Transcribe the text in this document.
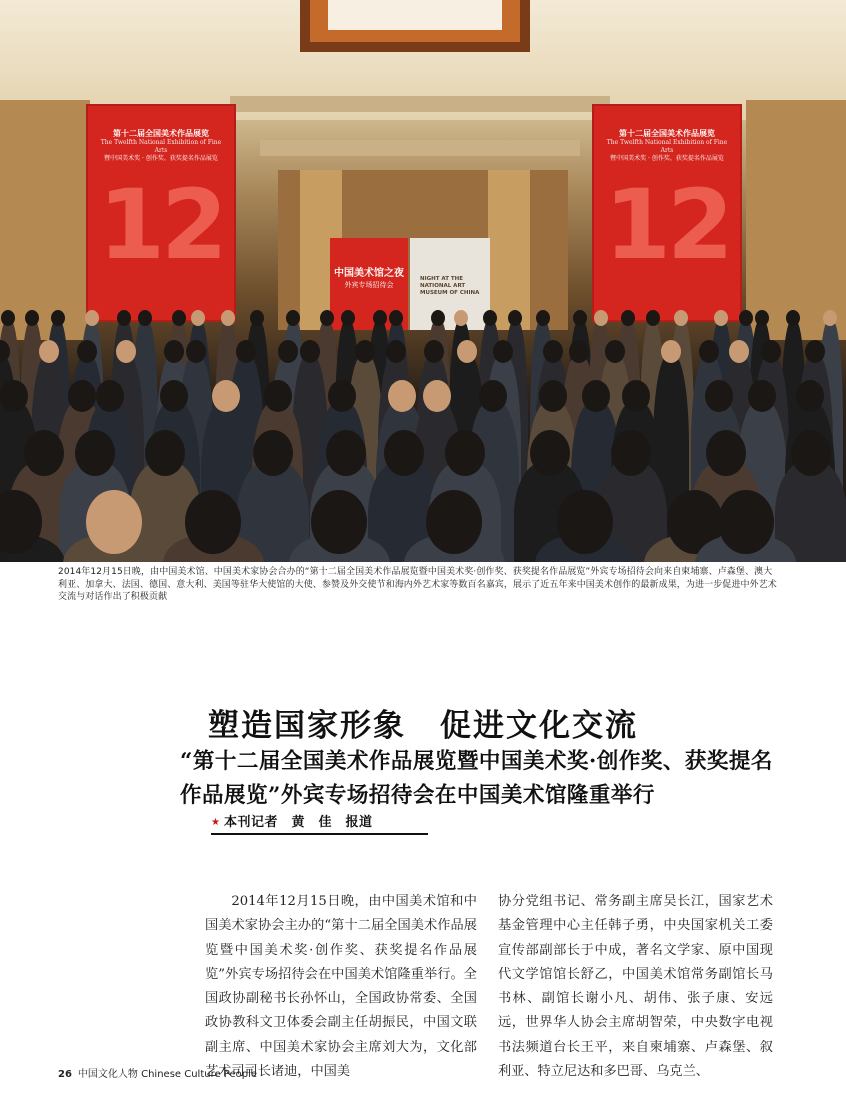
第十二届全国美术作品展览
The Twelfth National Exhibition of Fine Arts
暨中国美术奖 · 创作奖、获奖提名作品展览
12
第十二届全国美术作品展览
The Twelfth National Exhibition of Fine Arts
暨中国美术奖 · 创作奖、获奖提名作品展览
12
中国美术馆之夜
外宾专场招待会
NIGHT AT THE NATIONAL ART MUSEUM OF CHINA
2014年12月15日晚，由中国美术馆、中国美术家协会合办的“第十二届全国美术作品展览暨中国美术奖·创作奖、获奖提名作品展览”外宾专场招待会向来自柬埔寨、卢森堡、澳大利亚、加拿大、法国、德国、意大利、美国等驻华大使馆的大使、参赞及外交使节和海内外艺术家等数百名嘉宾，展示了近五年来中国美术创作的最新成果，为进一步促进中外艺术交流与对话作出了积极贡献
塑造国家形象 促进文化交流
“第十二届全国美术作品展览暨中国美术奖·创作奖、获奖提名作品展览”外宾专场招待会在中国美术馆隆重举行
★ 本刊记者　黄　佳　报道

2014年12月15日晚，由中国美术馆和中国美术家协会主办的“第十二届全国美术作品展览暨中国美术奖·创作奖、获奖提名作品展览”外宾专场招待会在中国美术馆隆重举行。全国政协副秘书长孙怀山，全国政协常委、全国政协教科文卫体委会副主任胡振民，中国文联副主席、中国美术家协会主席刘大为，文化部艺术司司长诸迪，中国美

协分党组书记、常务副主席吴长江，国家艺术基金管理中心主任韩子勇，中央国家机关工委宣传部副部长于中成，著名文学家、原中国现代文学馆馆长舒乙，中国美术馆常务副馆长马书林、副馆长谢小凡、胡伟、张子康、安远远，世界华人协会主席胡智荣，中央数字电视书法频道台长王平，来自柬埔寨、卢森堡、叙利亚、特立尼达和多巴哥、乌克兰、

26 中国文化人物 Chinese Culture People
